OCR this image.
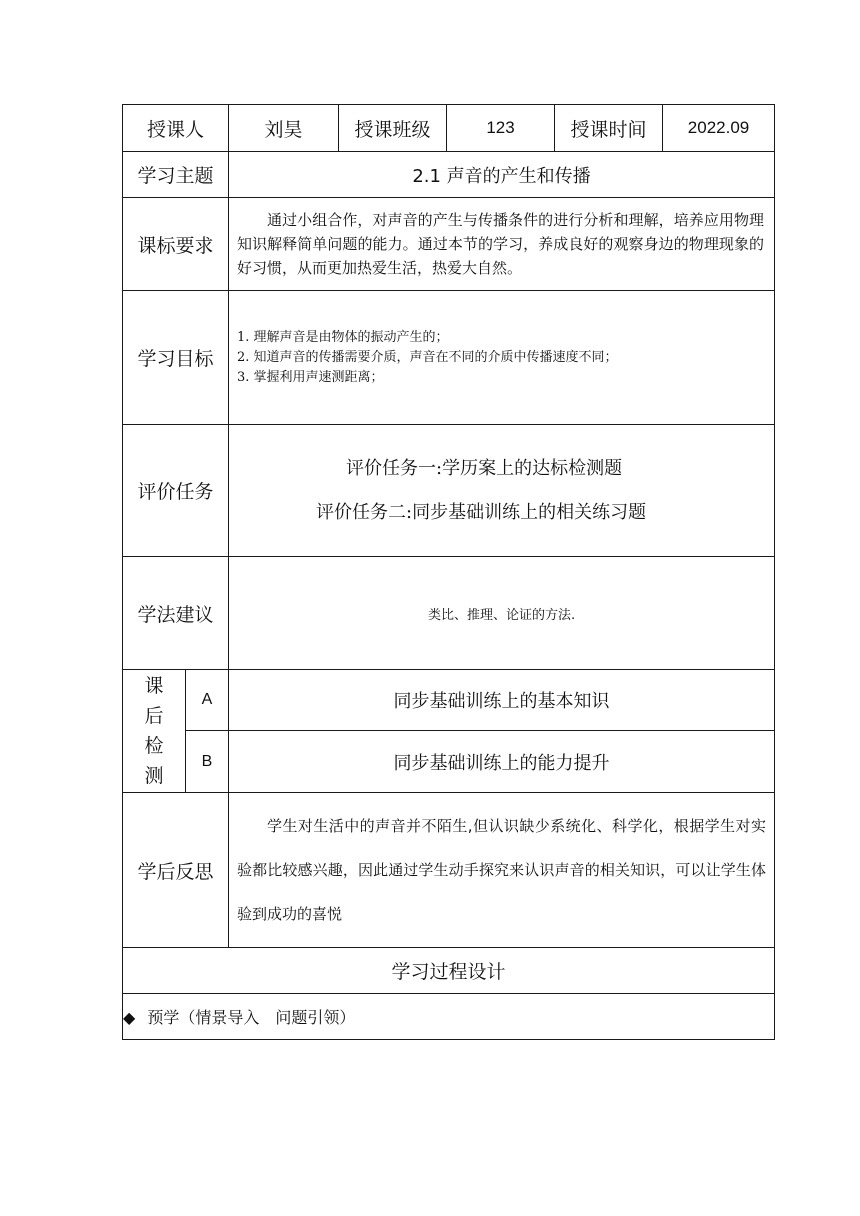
授课人		刘昊	授课班级	123	授课时间	2022.09
学习主题		2.1 声音的产生和传播				
课标要求		通过小组合作，对声音的产生与传播条件的进行分析和理解，培养应用物理知识解释简单问题的能力。通过本节的学习，养成良好的观察身边的物理现象的好习惯，从而更加热爱生活，热爱大自然。				

学习目标		1. 理解声音是由物体的振动产生的；
2. 知道声音的传播需要介质，声音在不同的介质中传播速度不同；
3. 掌握利用声速测距离；				

评价任务		评价任务一:学历案上的达标检测题
评价任务二:同步基础训练上的相关练习题				

学法建议		类比、推理、论证的方法.				

课
后
检
测	A	同步基础训练上的基本知识				
	B	同步基础训练上的能力提升				
学后反思		学生对生活中的声音并不陌生,但认识缺少系统化、科学化，根据学生对实验都比较感兴趣，因此通过学生动手探究来认识声音的相关知识，可以让学生体验到成功的喜悦				

学习过程设计						
◆ 预学（情景导入　问题引领）						
